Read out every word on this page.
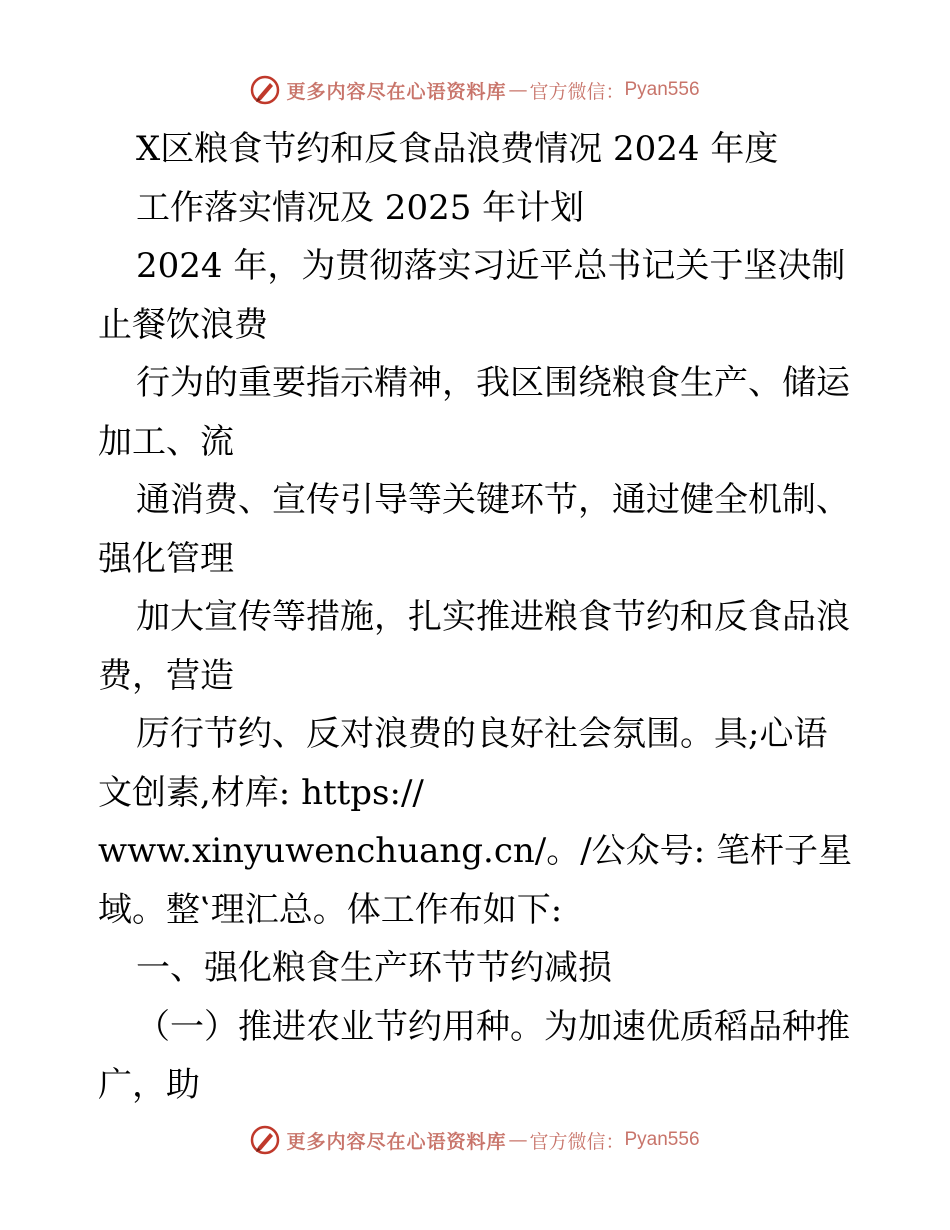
更多内容尽在心语资料库 — 官方微信： Pyan556
X区粮食节约和反食品浪费情况 2024 年度
工作落实情况及 2025 年计划
2024 年，为贯彻落实习近平总书记关于坚决制
止餐饮浪费
行为的重要指示精神，我区围绕粮食生产、储运
加工、流
通消费、宣传引导等关键环节，通过健全机制、
强化管理
加大宣传等措施，扎实推进粮食节约和反食品浪
费，营造
厉行节约、反对浪费的良好社会氛围。具;心语
文创素,材库: https://
www.xinyuwenchuang.cn/。/公众号: 笔杆子星
域。整‛理汇总。体工作布如下:
一、强化粮食生产环节节约减损
（一）推进农业节约用种。为加速优质稻品种推
广，助
更多内容尽在心语资料库 — 官方微信： Pyan556
